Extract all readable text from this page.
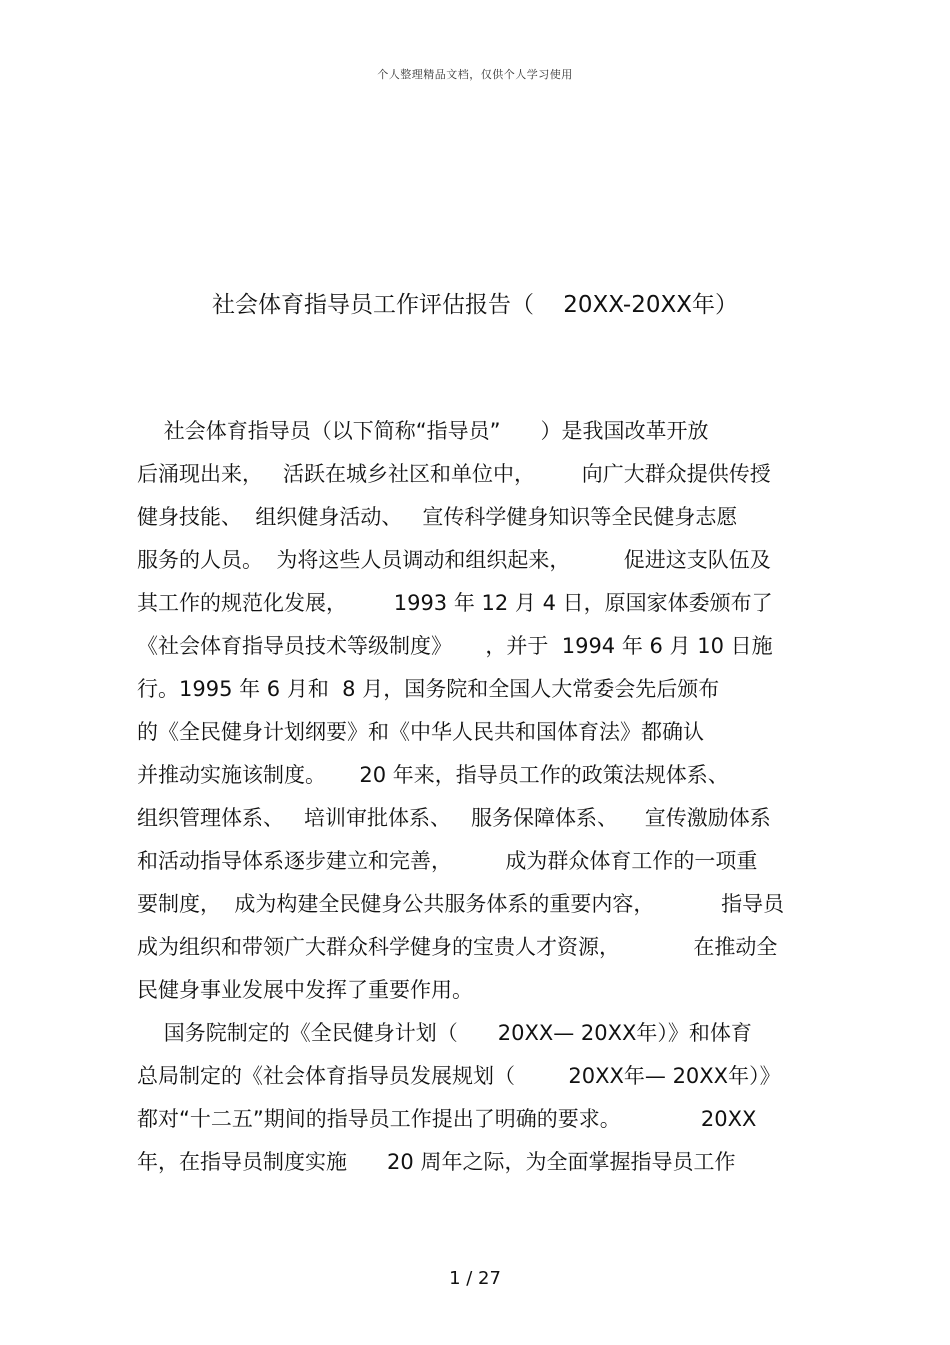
个人整理精品文档，仅供个人学习使用
社会体育指导员工作评估报告（    20XX-20XX年）
社会体育指导员（以下简称“指导员”      ）是我国改革开放
后涌现出来，   活跃在城乡社区和单位中，       向广大群众提供传授
健身技能、  组织健身活动、   宣传科学健身知识等全民健身志愿
服务的人员。  为将这些人员调动和组织起来，        促进这支队伍及
其工作的规范化发展，       1993 年 12 月 4 日，原国家体委颁布了
《社会体育指导员技术等级制度》     ，并于  1994 年 6 月 10 日施
行。1995 年 6 月和  8 月，国务院和全国人大常委会先后颁布
的《全民健身计划纲要》和《中华人民共和国体育法》都确认
并推动实施该制度。     20 年来，指导员工作的政策法规体系、
组织管理体系、   培训审批体系、   服务保障体系、    宣传激励体系
和活动指导体系逐步建立和完善，        成为群众体育工作的一项重
要制度，  成为构建全民健身公共服务体系的重要内容，          指导员
成为组织和带领广大群众科学健身的宝贵人才资源，           在推动全
民健身事业发展中发挥了重要作用。
国务院制定的《全民健身计划（      20XX— 20XX年）》和体育
总局制定的《社会体育指导员发展规划（        20XX年— 20XX年）》
都对“十二五”期间的指导员工作提出了明确的要求。            20XX
年，在指导员制度实施      20 周年之际，为全面掌握指导员工作
1 / 27
